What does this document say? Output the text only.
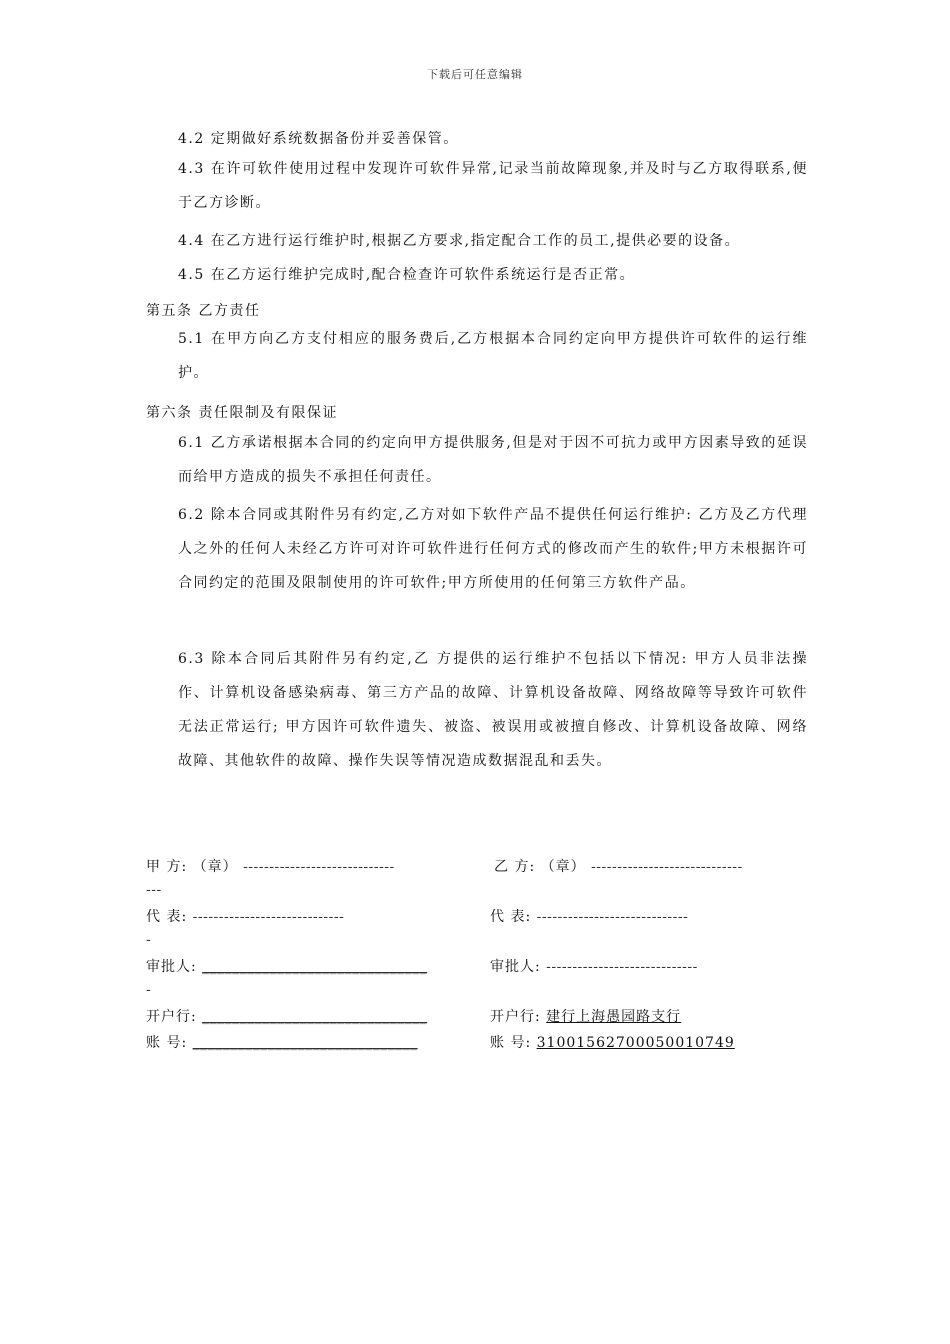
下载后可任意编辑

4.2 定期做好系统数据备份并妥善保管。

4.3 在许可软件使用过程中发现许可软件异常,记录当前故障现象,并及时与乙方取得联系,便于乙方诊断。

4.4 在乙方进行运行维护时,根据乙方要求,指定配合工作的员工,提供必要的设备。

4.5 在乙方运行维护完成时,配合检查许可软件系统运行是否正常。

第五条 乙方责任

5.1 在甲方向乙方支付相应的服务费后,乙方根据本合同约定向甲方提供许可软件的运行维护。

第六条 责任限制及有限保证

6.1 乙方承诺根据本合同的约定向甲方提供服务,但是对于因不可抗力或甲方因素导致的延误而给甲方造成的损失不承担任何责任。

6.2 除本合同或其附件另有约定,乙方对如下软件产品不提供任何运行维护: 乙方及乙方代理人之外的任何人未经乙方许可对许可软件进行任何方式的修改而产生的软件;甲方未根据许可合同约定的范围及限制使用的许可软件;甲方所使用的任何第三方软件产品。

6.3 除本合同后其附件另有约定,乙 方提供的运行维护不包括以下情况: 甲方人员非法操作、计算机设备感染病毒、第三方产品的故障、计算机设备故障、网络故障等导致许可软件无法正常运行; 甲方因许可软件遗失、被盗、被误用或被擅自修改、计算机设备故障、网络故障、其他软件的故障、操作失误等情况造成数据混乱和丢失。

甲 方: （章） -----------------------------	乙 方: （章） -----------------------------
---
代 表: -----------------------------	代 表: -----------------------------
-
审批人: ______________________________	审批人: -----------------------------
-
开户行: ______________________________	开户行: 建行上海愚园路支行
账 号: ______________________________	账 号: 31001562700050010749
